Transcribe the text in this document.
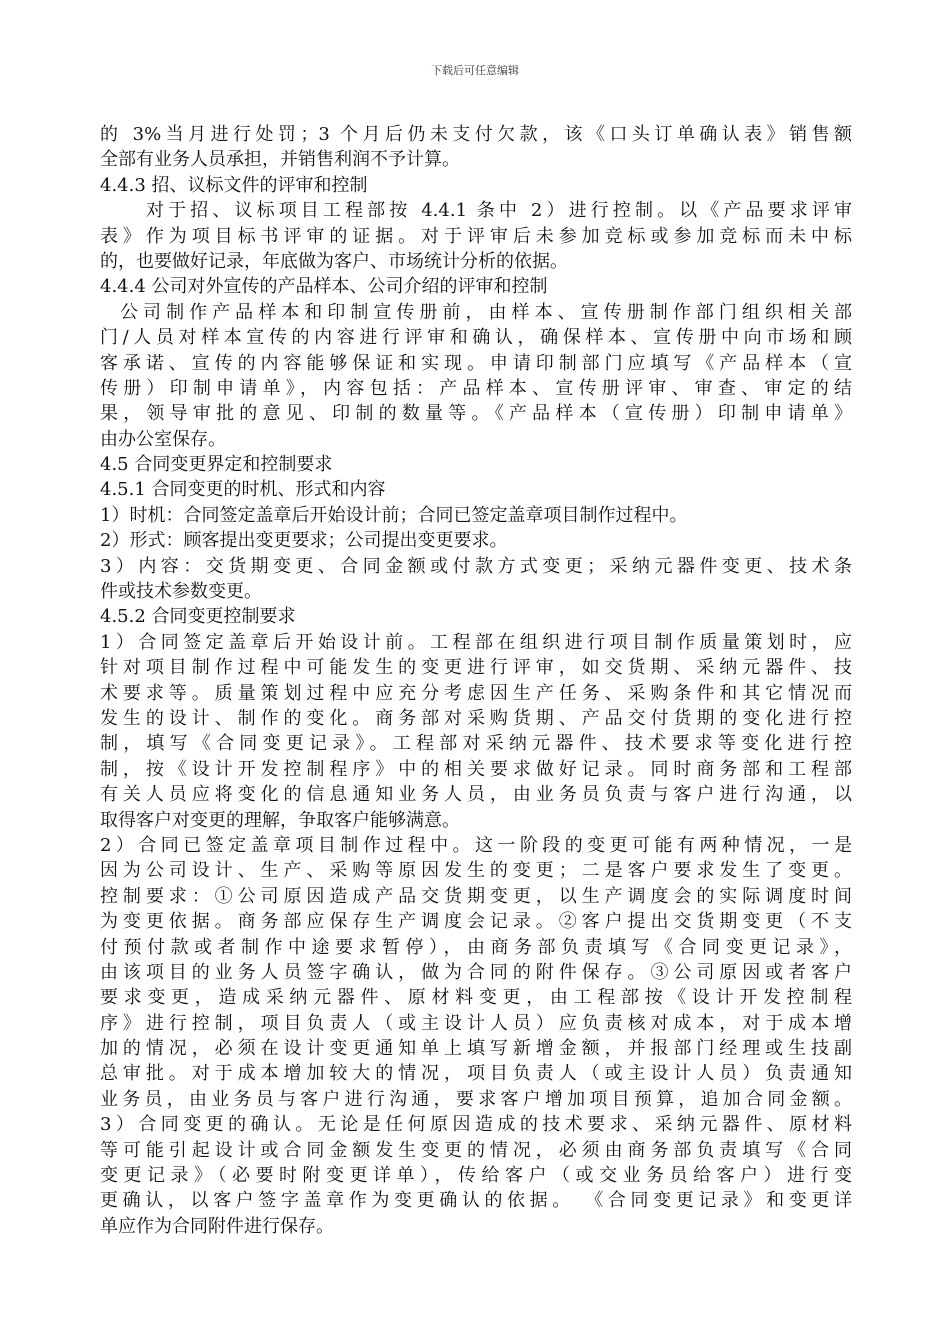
下载后可任意编辑
的 3%当月进行处罚；3 个月后仍未支付欠款，该《口头订单确认表》销售额
全部有业务人员承担，并销售利润不予计算。
4.4.3 招、议标文件的评审和控制
对于招、议标项目工程部按 4.4.1 条中 2）进行控制。以《产品要求评审
表》作为项目标书评审的证据。对于评审后未参加竞标或参加竞标而未中标
的，也要做好记录，年底做为客户、市场统计分析的依据。
4.4.4 公司对外宣传的产品样本、公司介绍的评审和控制
公司制作产品样本和印制宣传册前，由样本、宣传册制作部门组织相关部
门/人员对样本宣传的内容进行评审和确认，确保样本、宣传册中向市场和顾
客承诺、宣传的内容能够保证和实现。申请印制部门应填写《产品样本（宣
传册）印制申请单》，内容包括：产品样本、宣传册评审、审查、审定的结
果，领导审批的意见、印制的数量等。《产品样本（宣传册）印制申请单》
由办公室保存。
4.5 合同变更界定和控制要求
4.5.1 合同变更的时机、形式和内容
1）时机：合同签定盖章后开始设计前；合同已签定盖章项目制作过程中。
2）形式：顾客提出变更要求；公司提出变更要求。
3）内容：交货期变更、合同金额或付款方式变更；采纳元器件变更、技术条
件或技术参数变更。
4.5.2 合同变更控制要求
1）合同签定盖章后开始设计前。工程部在组织进行项目制作质量策划时，应
针对项目制作过程中可能发生的变更进行评审，如交货期、采纳元器件、技
术要求等。质量策划过程中应充分考虑因生产任务、采购条件和其它情况而
发生的设计、制作的变化。商务部对采购货期、产品交付货期的变化进行控
制，填写《合同变更记录》。工程部对采纳元器件、技术要求等变化进行控
制，按《设计开发控制程序》中的相关要求做好记录。同时商务部和工程部
有关人员应将变化的信息通知业务人员，由业务员负责与客户进行沟通，以
取得客户对变更的理解，争取客户能够满意。
2）合同已签定盖章项目制作过程中。这一阶段的变更可能有两种情况，一是
因为公司设计、生产、采购等原因发生的变更；二是客户要求发生了变更。
控制要求：①公司原因造成产品交货期变更，以生产调度会的实际调度时间
为变更依据。商务部应保存生产调度会记录。②客户提出交货期变更（不支
付预付款或者制作中途要求暂停），由商务部负责填写《合同变更记录》，
由该项目的业务人员签字确认，做为合同的附件保存。③公司原因或者客户
要求变更，造成采纳元器件、原材料变更，由工程部按《设计开发控制程
序》进行控制，项目负责人（或主设计人员）应负责核对成本，对于成本增
加的情况，必须在设计变更通知单上填写新增金额，并报部门经理或生技副
总审批。对于成本增加较大的情况，项目负责人（或主设计人员）负责通知
业务员，由业务员与客户进行沟通，要求客户增加项目预算，追加合同金额。
3）合同变更的确认。无论是任何原因造成的技术要求、采纳元器件、原材料
等可能引起设计或合同金额发生变更的情况，必须由商务部负责填写《合同
变更记录》（必要时附变更详单），传给客户（或交业务员给客户）进行变
更确认，以客户签字盖章作为变更确认的依据。 《合同变更记录》和变更详
单应作为合同附件进行保存。
